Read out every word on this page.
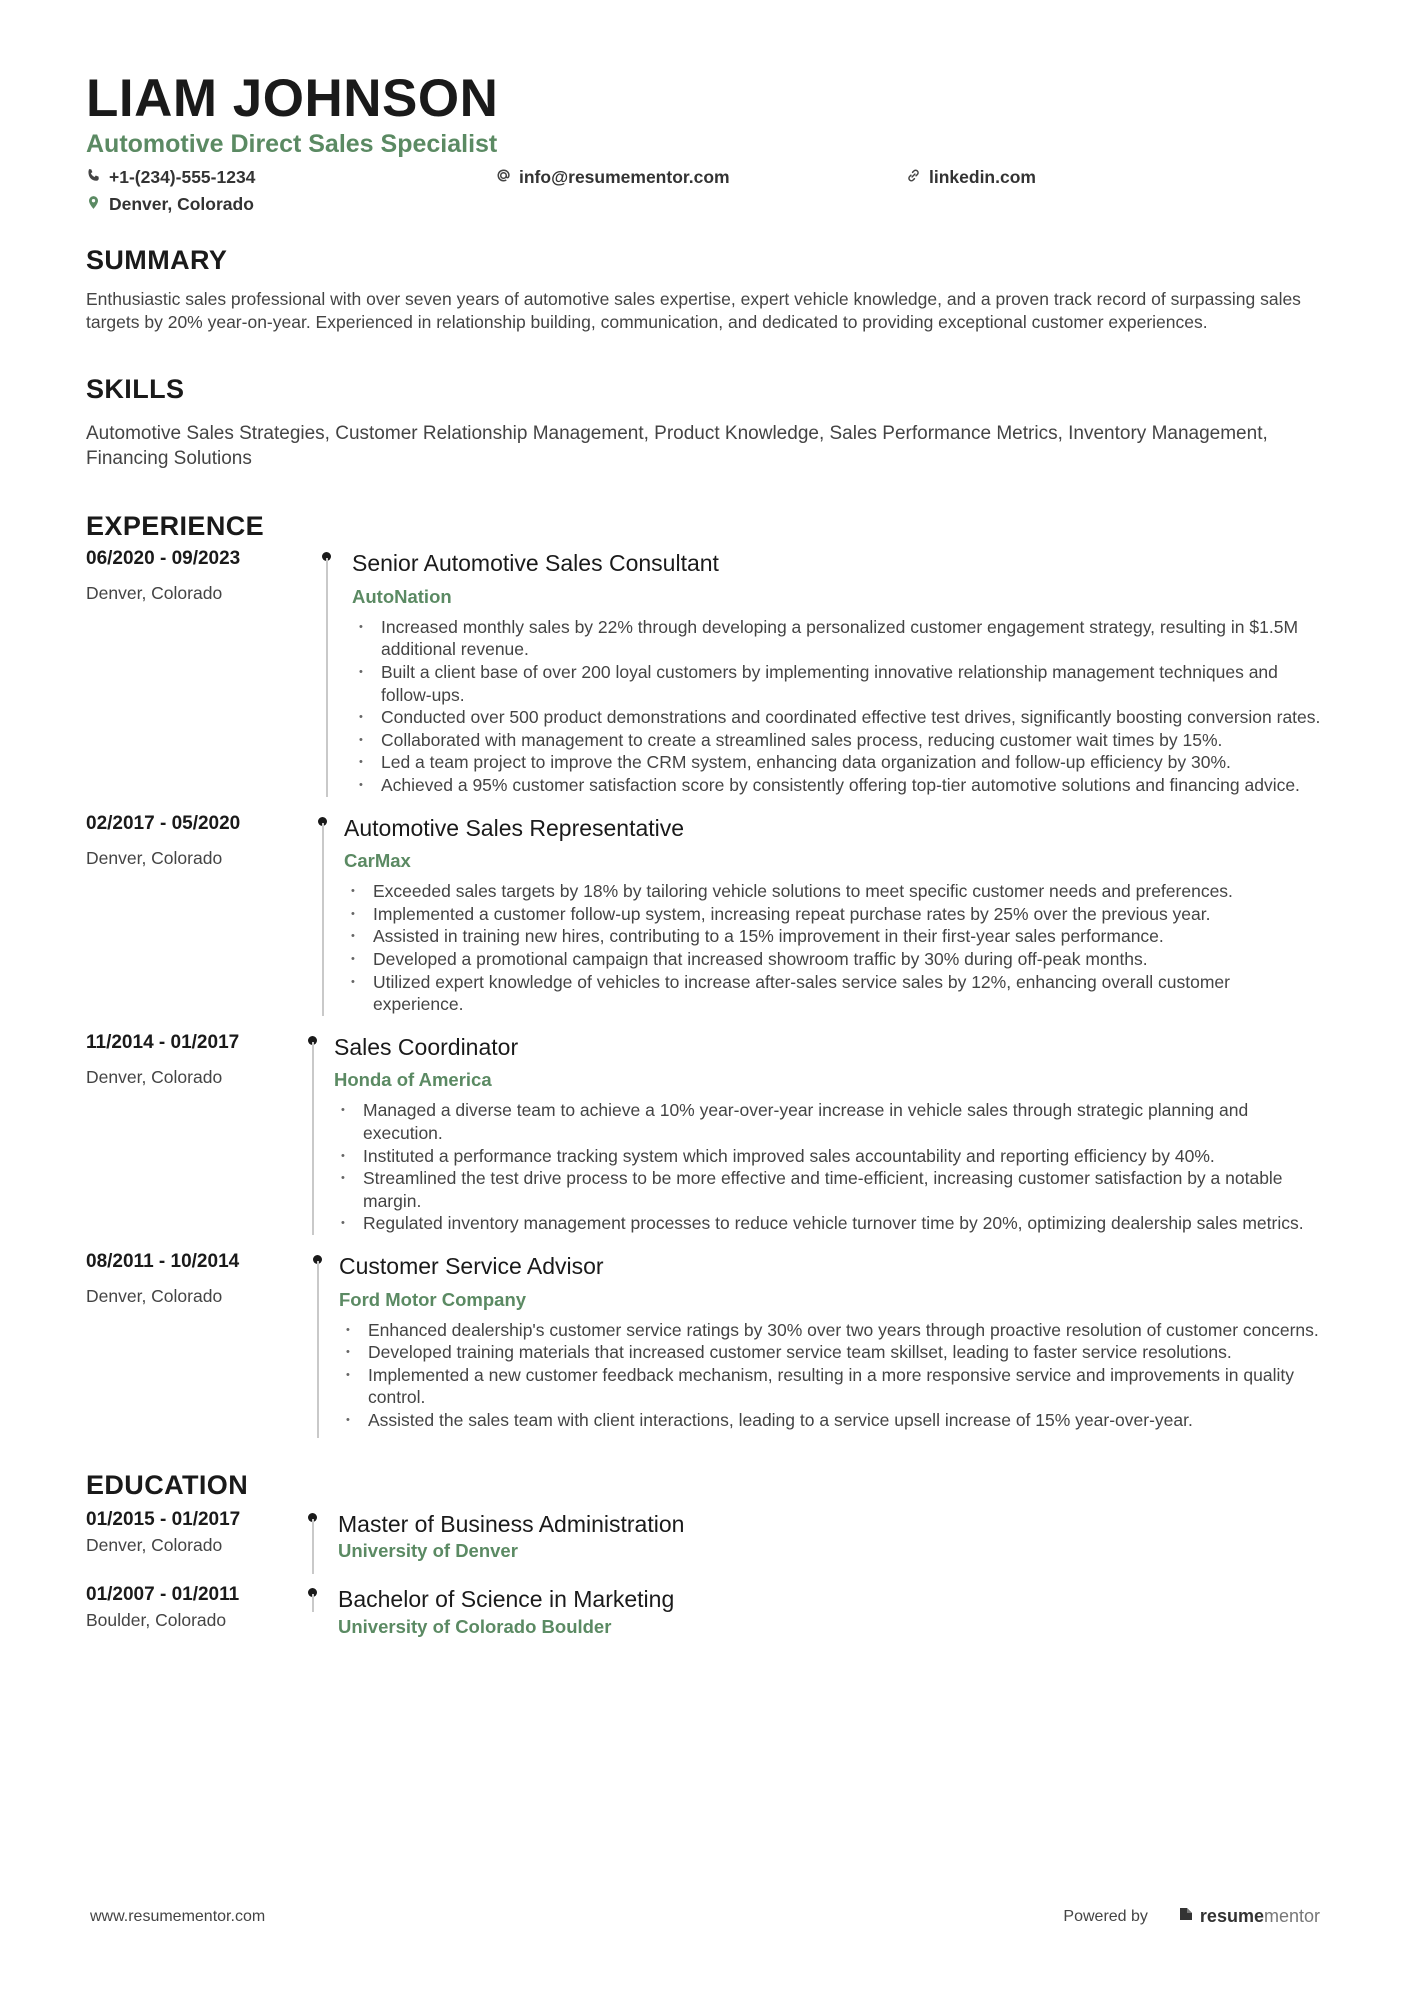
LIAM JOHNSON
Automotive Direct Sales Specialist
+1-(234)-555-1234	info@resumementor.com	linkedin.com
Denver, Colorado
SUMMARY
Enthusiastic sales professional with over seven years of automotive sales expertise, expert vehicle knowledge, and a proven track record of surpassing sales targets by 20% year-on-year. Experienced in relationship building, communication, and dedicated to providing exceptional customer experiences.
SKILLS
Automotive Sales Strategies, Customer Relationship Management, Product Knowledge, Sales Performance Metrics, Inventory Management, Financing Solutions
EXPERIENCE
06/2020 - 09/2023
Denver, Colorado
Senior Automotive Sales Consultant
AutoNation
• Increased monthly sales by 22% through developing a personalized customer engagement strategy, resulting in $1.5M additional revenue.
• Built a client base of over 200 loyal customers by implementing innovative relationship management techniques and follow-ups.
• Conducted over 500 product demonstrations and coordinated effective test drives, significantly boosting conversion rates.
• Collaborated with management to create a streamlined sales process, reducing customer wait times by 15%.
• Led a team project to improve the CRM system, enhancing data organization and follow-up efficiency by 30%.
• Achieved a 95% customer satisfaction score by consistently offering top-tier automotive solutions and financing advice.
02/2017 - 05/2020
Denver, Colorado
Automotive Sales Representative
CarMax
• Exceeded sales targets by 18% by tailoring vehicle solutions to meet specific customer needs and preferences.
• Implemented a customer follow-up system, increasing repeat purchase rates by 25% over the previous year.
• Assisted in training new hires, contributing to a 15% improvement in their first-year sales performance.
• Developed a promotional campaign that increased showroom traffic by 30% during off-peak months.
• Utilized expert knowledge of vehicles to increase after-sales service sales by 12%, enhancing overall customer experience.
11/2014 - 01/2017
Denver, Colorado
Sales Coordinator
Honda of America
• Managed a diverse team to achieve a 10% year-over-year increase in vehicle sales through strategic planning and execution.
• Instituted a performance tracking system which improved sales accountability and reporting efficiency by 40%.
• Streamlined the test drive process to be more effective and time-efficient, increasing customer satisfaction by a notable margin.
• Regulated inventory management processes to reduce vehicle turnover time by 20%, optimizing dealership sales metrics.
08/2011 - 10/2014
Denver, Colorado
Customer Service Advisor
Ford Motor Company
• Enhanced dealership's customer service ratings by 30% over two years through proactive resolution of customer concerns.
• Developed training materials that increased customer service team skillset, leading to faster service resolutions.
• Implemented a new customer feedback mechanism, resulting in a more responsive service and improvements in quality control.
• Assisted the sales team with client interactions, leading to a service upsell increase of 15% year-over-year.
EDUCATION
01/2015 - 01/2017
Denver, Colorado
Master of Business Administration
University of Denver
01/2007 - 01/2011
Boulder, Colorado
Bachelor of Science in Marketing
University of Colorado Boulder
www.resumementor.com	Powered by	resume mentor
